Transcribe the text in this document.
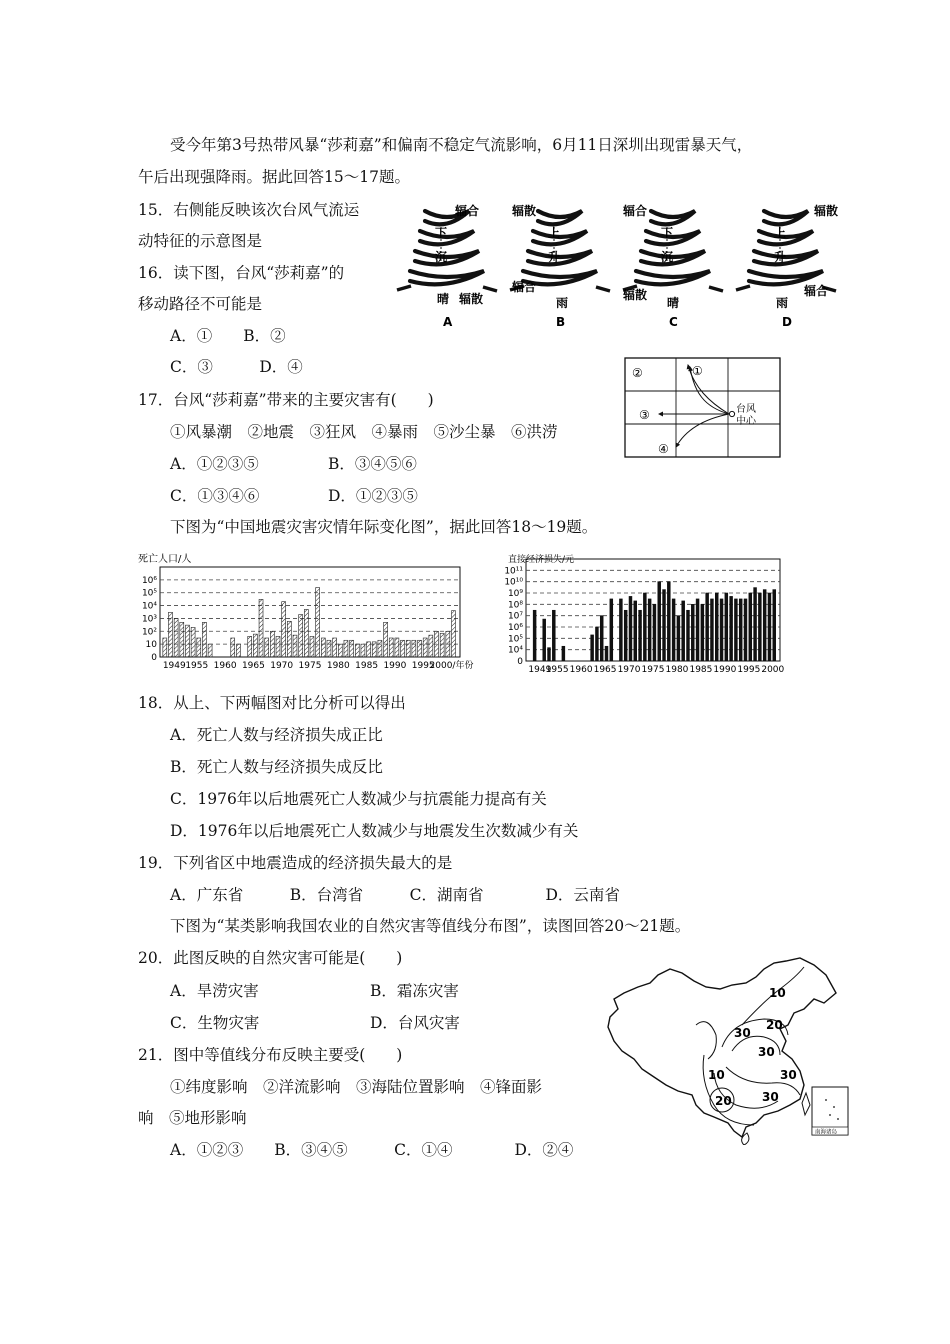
受今年第3号热带风暴“莎莉嘉”和偏南不稳定气流影响，6月11日深圳出现雷暴天气，
午后出现强降雨。据此回答15～17题。
15．右侧能反映该次台风气流运
动特征的示意图是
16．读下图，台风“莎莉嘉”的
移动路径不可能是
A．①　　B．②
C．③　　　D．④
17．台风“莎莉嘉”带来的主要灾害有(　　)
①风暴潮　②地震　③狂风　④暴雨　⑤沙尘暴　⑥洪涝
A．①②③⑤	B．③④⑤⑥
C．①③④⑥	D．①②③⑤
下图为“中国地震灾害灾情年际变化图”，据此回答18～19题。
18．从上、下两幅图对比分析可以得出
A．死亡人数与经济损失成正比
B．死亡人数与经济损失成反比
C．1976年以后地震死亡人数减少与抗震能力提高有关
D．1976年以后地震死亡人数减少与地震发生次数减少有关
19．下列省区中地震造成的经济损失最大的是
A．广东省　　　B．台湾省　　　C．湖南省　　　　D．云南省
下图为“某类影响我国农业的自然灾害等值线分布图”，读图回答20～21题。
20．此图反映的自然灾害可能是(　　)
A．旱涝灾害	B．霜冻灾害
C．生物灾害	D．台风灾害
21．图中等值线分布反映主要受(　　)
①纬度影响　②洋流影响　③海陆位置影响　④锋面影
响　⑤地形影响
A．①②③　　B．③④⑤　　　C．①④　　　　D．②④
下
沉
辐合
晴 辐散
A
上
升
辐散
辐合
雨
B
下
沉
辐合
辐散
晴
C
上
升
辐散
雨
辐合
D
②	①
③
④
台风
中心
死亡人口/人
10⁶
10⁵
10⁴
10³
10²
10
0
1949 1955 1960 1965 1970 1975 1980 1985 1990 1995
2000/年份
直接经济损失/元
10¹¹
10¹⁰
10⁹
10⁸
10⁷
10⁶
10⁵
10⁴
0
1949
1955 1960 1965 1970 1975 1980 1985 1990 1995 2000
10
20
30
30
20
10
30
30
南海诸岛
